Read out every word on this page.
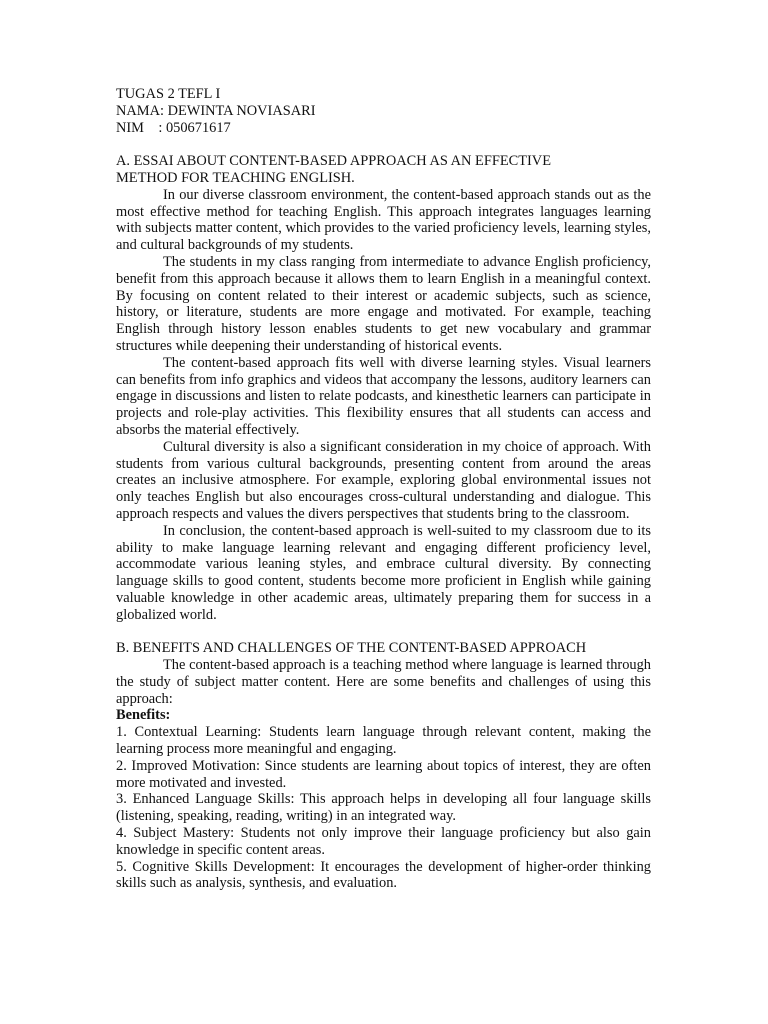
TUGAS 2 TEFL I
NAMA: DEWINTA NOVIASARI
NIM    : 050671617
A. ESSAI ABOUT CONTENT-BASED APPROACH AS AN EFFECTIVE
METHOD FOR TEACHING ENGLISH.

In our diverse classroom environment, the content-based approach stands out as the most effective method for teaching English. This approach integrates languages learning with subjects matter content, which provides to the varied proficiency levels, learning styles, and cultural backgrounds of my students.

The students in my class ranging from intermediate to advance English proficiency, benefit from this approach because it allows them to learn English in a meaningful context. By focusing on content related to their interest or academic subjects, such as science, history, or literature, students are more engage and motivated. For example, teaching English through history lesson enables students to get new vocabulary and grammar structures while deepening their understanding of historical events.

The content-based approach fits well with diverse learning styles. Visual learners can benefits from info graphics and videos that accompany the lessons, auditory learners can engage in discussions and listen to relate podcasts, and kinesthetic learners can participate in projects and role-play activities. This flexibility ensures that all students can access and absorbs the material effectively.

Cultural diversity is also a significant consideration in my choice of approach. With students from various cultural backgrounds, presenting content from around the areas creates an inclusive atmosphere. For example, exploring global environmental issues not only teaches English but also encourages cross-cultural understanding and dialogue. This approach respects and values the divers perspectives that students bring to the classroom.

In conclusion, the content-based approach is well-suited to my classroom due to its ability to make language learning relevant and engaging different proficiency level, accommodate various leaning styles, and embrace cultural diversity. By connecting language skills to good content, students become more proficient in English while gaining valuable knowledge in other academic areas, ultimately preparing them for success in a globalized world.

B. BENEFITS AND CHALLENGES OF THE CONTENT-BASED APPROACH

The content-based approach is a teaching method where language is learned through the study of subject matter content. Here are some benefits and challenges of using this approach:

Benefits:

1. Contextual Learning: Students learn language through relevant content, making the learning process more meaningful and engaging.

2. Improved Motivation: Since students are learning about topics of interest, they are often more motivated and invested.

3. Enhanced Language Skills: This approach helps in developing all four language skills (listening, speaking, reading, writing) in an integrated way.

4. Subject Mastery: Students not only improve their language proficiency but also gain knowledge in specific content areas.

5. Cognitive Skills Development: It encourages the development of higher-order thinking skills such as analysis, synthesis, and evaluation.
